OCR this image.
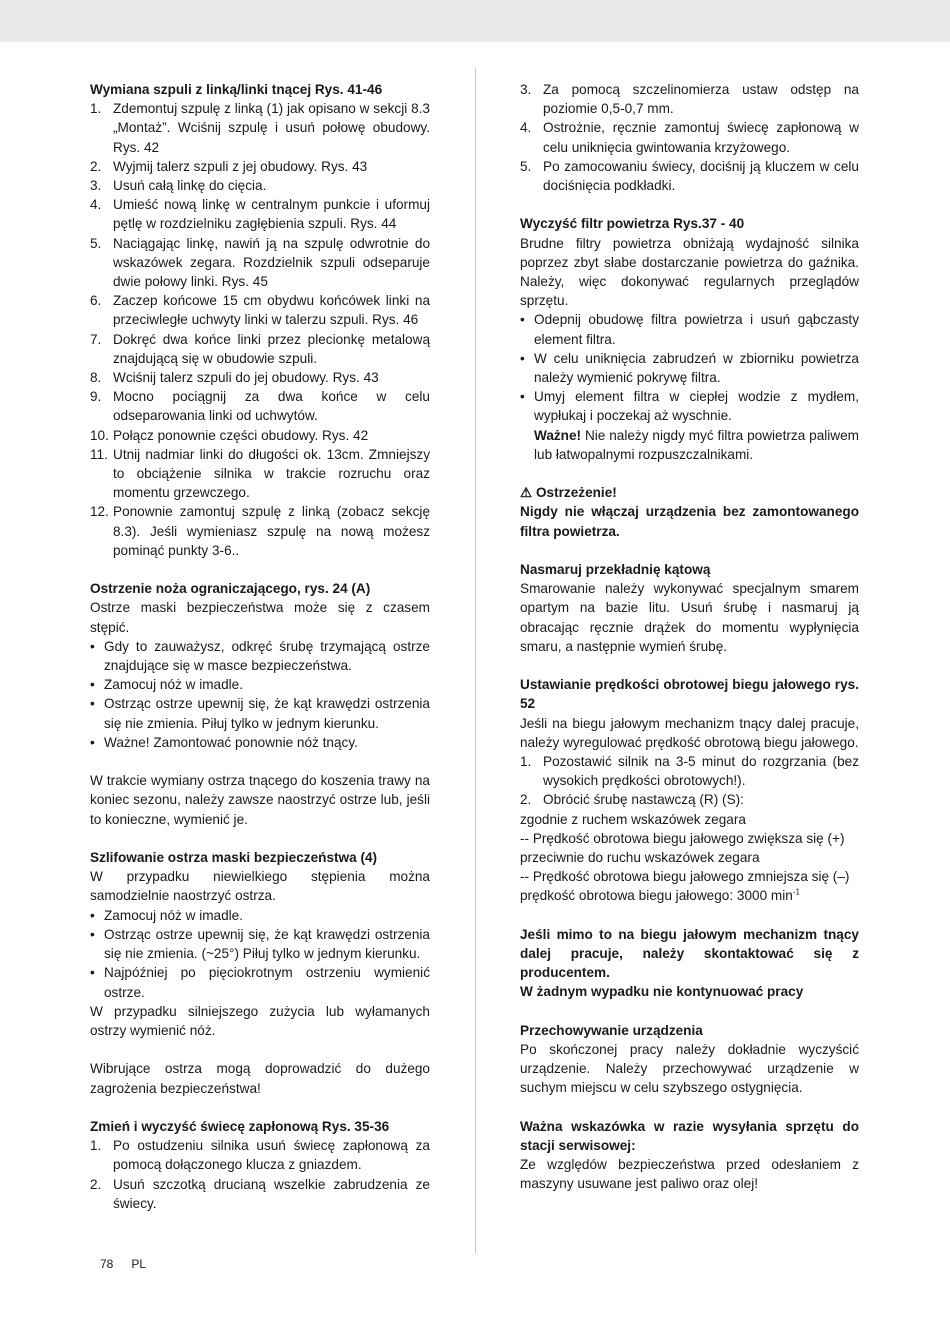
Wymiana szpuli z linką/linki tnącej Rys. 41-46

1. Zdemontuj szpulę z linką (1) jak opisano w sekcji 8.3 „Montaż”. Wciśnij szpulę i usuń połowę obudowy. Rys. 42
2. Wyjmij talerz szpuli z jej obudowy. Rys. 43
3. Usuń całą linkę do cięcia.
4. Umieść nową linkę w centralnym punkcie i uformuj pętlę w rozdzielniku zagłębienia szpuli. Rys. 44
5. Naciągając linkę, nawiń ją na szpulę odwrotnie do wskazówek zegara. Rozdzielnik szpuli odseparuje dwie połowy linki. Rys. 45
6. Zaczep końcowe 15 cm obydwu końcówek linki na przeciwległe uchwyty linki w talerzu szpuli. Rys. 46
7. Dokręć dwa końce linki przez plecionkę metalową znajdującą się w obudowie szpuli.
8. Wciśnij talerz szpuli do jej obudowy. Rys. 43
9. Mocno pociągnij za dwa końce w celu odseparowania linki od uchwytów.
10. Połącz ponownie części obudowy. Rys. 42
11. Utnij nadmiar linki do długości ok. 13cm. Zmniejszy to obciążenie silnika w trakcie rozruchu oraz momentu grzewczego.
12. Ponownie zamontuj szpulę z linką (zobacz sekcję 8.3). Jeśli wymieniasz szpulę na nową możesz pominąć punkty 3-6..

Ostrzenie noża ograniczającego, rys. 24 (A)

Ostrze maski bezpieczeństwa może się z czasem stępić.

• Gdy to zauważysz, odkręć śrubę trzymającą ostrze znajdujące się w masce bezpieczeństwa.
• Zamocuj nóż w imadle.
• Ostrząc ostrze upewnij się, że kąt krawędzi ostrzenia się nie zmienia. Piłuj tylko w jednym kierunku.
• Ważne! Zamontować ponownie nóż tnący.

W trakcie wymiany ostrza tnącego do koszenia trawy na koniec sezonu, należy zawsze naostrzyć ostrze lub, jeśli to konieczne, wymienić je.

Szlifowanie ostrza maski bezpieczeństwa (4)

W przypadku niewielkiego stępienia można samodzielnie naostrzyć ostrza.

• Zamocuj nóż w imadle.
• Ostrząc ostrze upewnij się, że kąt krawędzi ostrzenia się nie zmienia. (~25°) Piłuj tylko w jednym kierunku.
• Najpóźniej po pięciokrotnym ostrzeniu wymienić ostrze.

W przypadku silniejszego zużycia lub wyłamanych ostrzy wymienić nóż.

Wibrujące ostrza mogą doprowadzić do dużego zagrożenia bezpieczeństwa!

Zmień i wyczyść świecę zapłonową Rys. 35-36

1. Po ostudzeniu silnika usuń świecę zapłonową za pomocą dołączonego klucza z gniazdem.
2. Usuń szczotką drucianą wszelkie zabrudzenia ze świecy.
3. Za pomocą szczelinomierza ustaw odstęp na poziomie 0,5-0,7 mm.
4. Ostrożnie, ręcznie zamontuj świecę zapłonową w celu uniknięcia gwintowania krzyżowego.
5. Po zamocowaniu świecy, dociśnij ją kluczem w celu dociśnięcia podkładki.

Wyczyść filtr powietrza Rys.37 - 40

Brudne filtry powietrza obniżają wydajność silnika poprzez zbyt słabe dostarczanie powietrza do gaźnika. Należy, więc dokonywać regularnych przeglądów sprzętu.

• Odepnij obudowę filtra powietrza i usuń gąbczasty element filtra.
• W celu uniknięcia zabrudzeń w zbiorniku powietrza należy wymienić pokrywę filtra.
• Umyj element filtra w ciepłej wodzie z mydłem, wypłukaj i poczekaj aż wyschnie.
Ważne! Nie należy nigdy myć filtra powietrza paliwem lub łatwopalnymi rozpuszczalnikami.

⚠ Ostrzeżenie!

Nigdy nie włączaj urządzenia bez zamontowanego filtra powietrza.

Nasmaruj przekładnię kątową

Smarowanie należy wykonywać specjalnym smarem opartym na bazie litu. Usuń śrubę i nasmaruj ją obracając ręcznie drążek do momentu wypłynięcia smaru, a następnie wymień śrubę.

Ustawianie prędkości obrotowej biegu jałowego rys. 52

Jeśli na biegu jałowym mechanizm tnący dalej pracuje, należy wyregulować prędkość obrotową biegu jałowego.

1. Pozostawić silnik na 3-5 minut do rozgrzania (bez wysokich prędkości obrotowych!).
2. Obrócić śrubę nastawczą (R) (S):

zgodnie z ruchem wskazówek zegara

-- Prędkość obrotowa biegu jałowego zwiększa się (+)

przeciwnie do ruchu wskazówek zegara

-- Prędkość obrotowa biegu jałowego zmniejsza się (–)

prędkość obrotowa biegu jałowego: 3000 $\min^{-1}$

Jeśli mimo to na biegu jałowym mechanizm tnący dalej pracuje, należy skontaktować się z producentem.

W żadnym wypadku nie kontynuować pracy

Przechowywanie urządzenia

Po skończonej pracy należy dokładnie wyczyścić urządzenie. Należy przechowywać urządzenie w suchym miejscu w celu szybszego ostygnięcia.

Ważna wskazówka w razie wysyłania sprzętu do stacji serwisowej:

Ze względów bezpieczeństwa przed odesłaniem z maszyny usuwane jest paliwo oraz olej!

78 PL
